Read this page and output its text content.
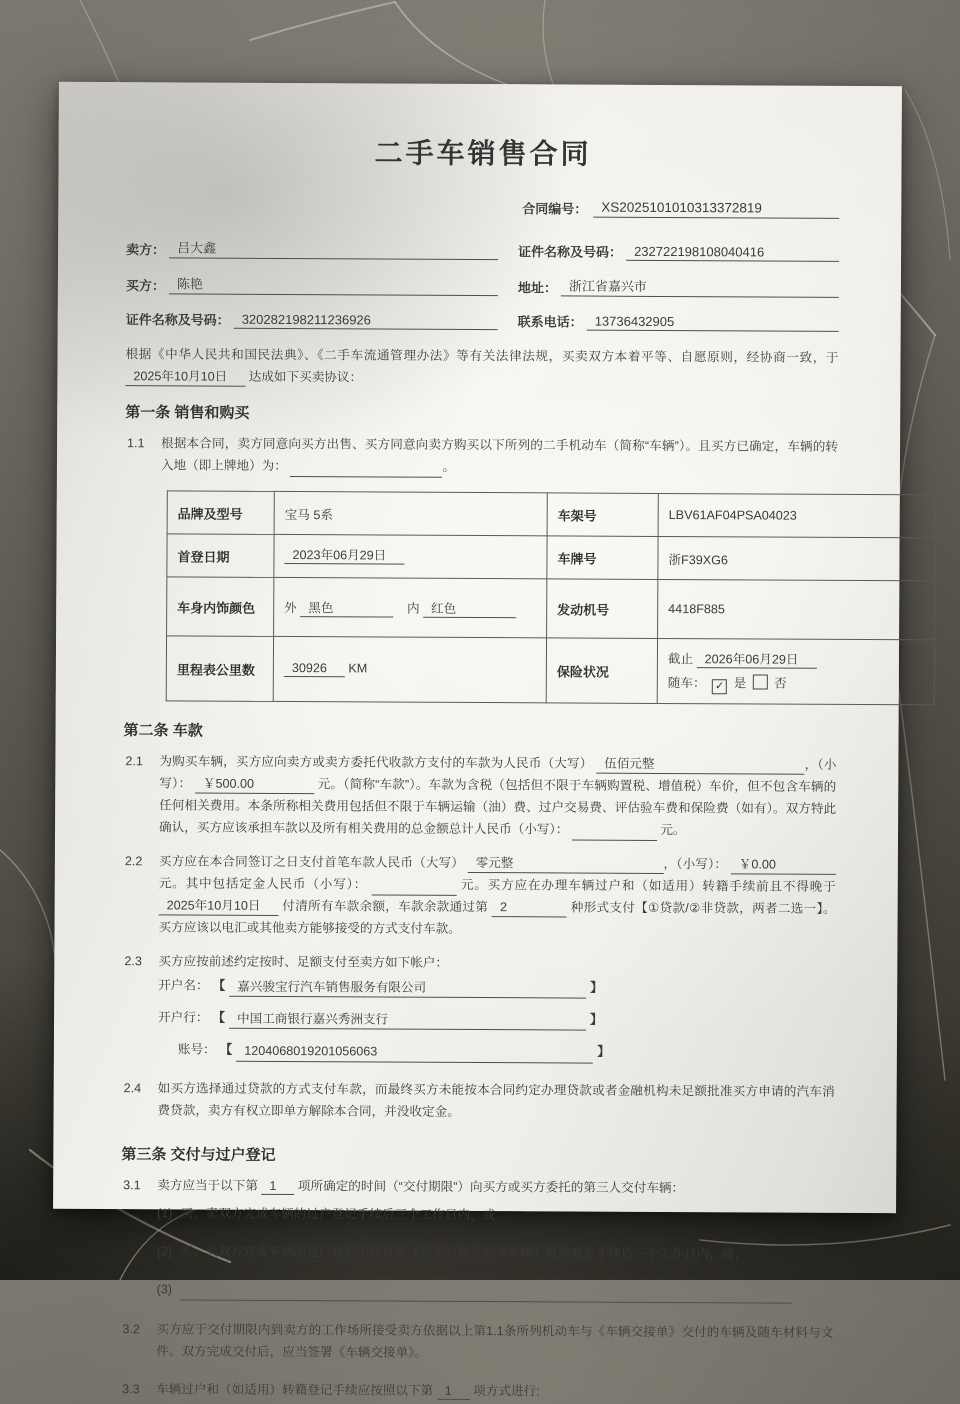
二手车销售合同
合同编号：	XS2025101010313372819
卖方： 吕大鑫	证件名称及号码： 232722198108040416
买方： 陈艳	地址： 浙江省嘉兴市
证件名称及号码： 320282198211236926	联系电话： 13736432905
根据《中华人民共和国民法典》、《二手车流通管理办法》等有关法律法规，买卖双方本着平等、自愿原则，经协商一致，于 2025年10月10日 达成如下买卖协议：
第一条 销售和购买
1.1 根据本合同，卖方同意向买方出售、买方同意向卖方购买以下所列的二手机动车（简称“车辆”）。且买方已确定，车辆的转入地（即上牌地）为：	。
品牌及型号	宝马 5系	车架号	LBV61AF04PSA04023
首登日期	2023年06月29日	车牌号	浙F39XG6
车身内饰颜色	外 黑色 内 红色	发动机号	4418F885
里程表公里数	30926 KM	保险状况	截止 2026年06月29日
随车： ✓ 是 否
第二条 车款
2.1 为购买车辆，买方应向卖方或卖方委托代收款方支付的车款为人民币（大写） 伍佰元整	，（小写）： ￥500.00	元。（简称“车款”）。车款为含税（包括但不限于车辆购置税、增值税）车价，但不包含车辆的任何相关费用。本条所称相关费用包括但不限于车辆运输（油）费、过户交易费、评估验车费和保险费（如有）。双方特此确认，买方应该承担车款以及所有相关费用的总金额总计人民币（小写）：	元。
2.2 买方应在本合同签订之日支付首笔车款人民币（大写） 零元整	，（小写）： ￥0.00 元。其中包括定金人民币（小写）：	元。买方应在办理车辆过户和（如适用）转籍手续前且不得晚于 2025年10月10日 付清所有车款余额，车款余款通过第 2	种形式支付【①贷款/②非贷款，两者二选一】。买方应该以电汇或其他卖方能够接受的方式支付车款。
2.3 买方应按前述约定按时、足额支付至卖方如下帐户：
开户名： 【 嘉兴骏宝行汽车销售服务有限公司	】
开户行： 【 中国工商银行嘉兴秀洲支行	】
账号： 【 1204068019201056063	】
2.4 如买方选择通过贷款的方式支付车款，而最终买方未能按本合同约定办理贷款或者金融机构未足额批准买方申请的汽车消费贷款，卖方有权立即单方解除本合同，并没收定金。
第三条 交付与过户登记
3.1 卖方应当于以下第 1 项所确定的时间（“交付期限”）向买方或买方委托的第三人交付车辆：
(1) 买、卖双方完成车辆的过户登记手续后三个工作日内，或
(2) 买、卖双方完成车辆的过户登记手续以及（为买方贷款购买车辆）抵押登记手续后三个工作日内，或；
(3)
3.2 买方应于交付期限内到卖方的工作场所接受卖方依据以上第1.1条所列机动车与《车辆交接单》交付的车辆及随车材料与文件。双方完成交付后，应当签署《车辆交接单》。
3.3 车辆过户和（如适用）转籍登记手续应按照以下第 1 项方式进行:
